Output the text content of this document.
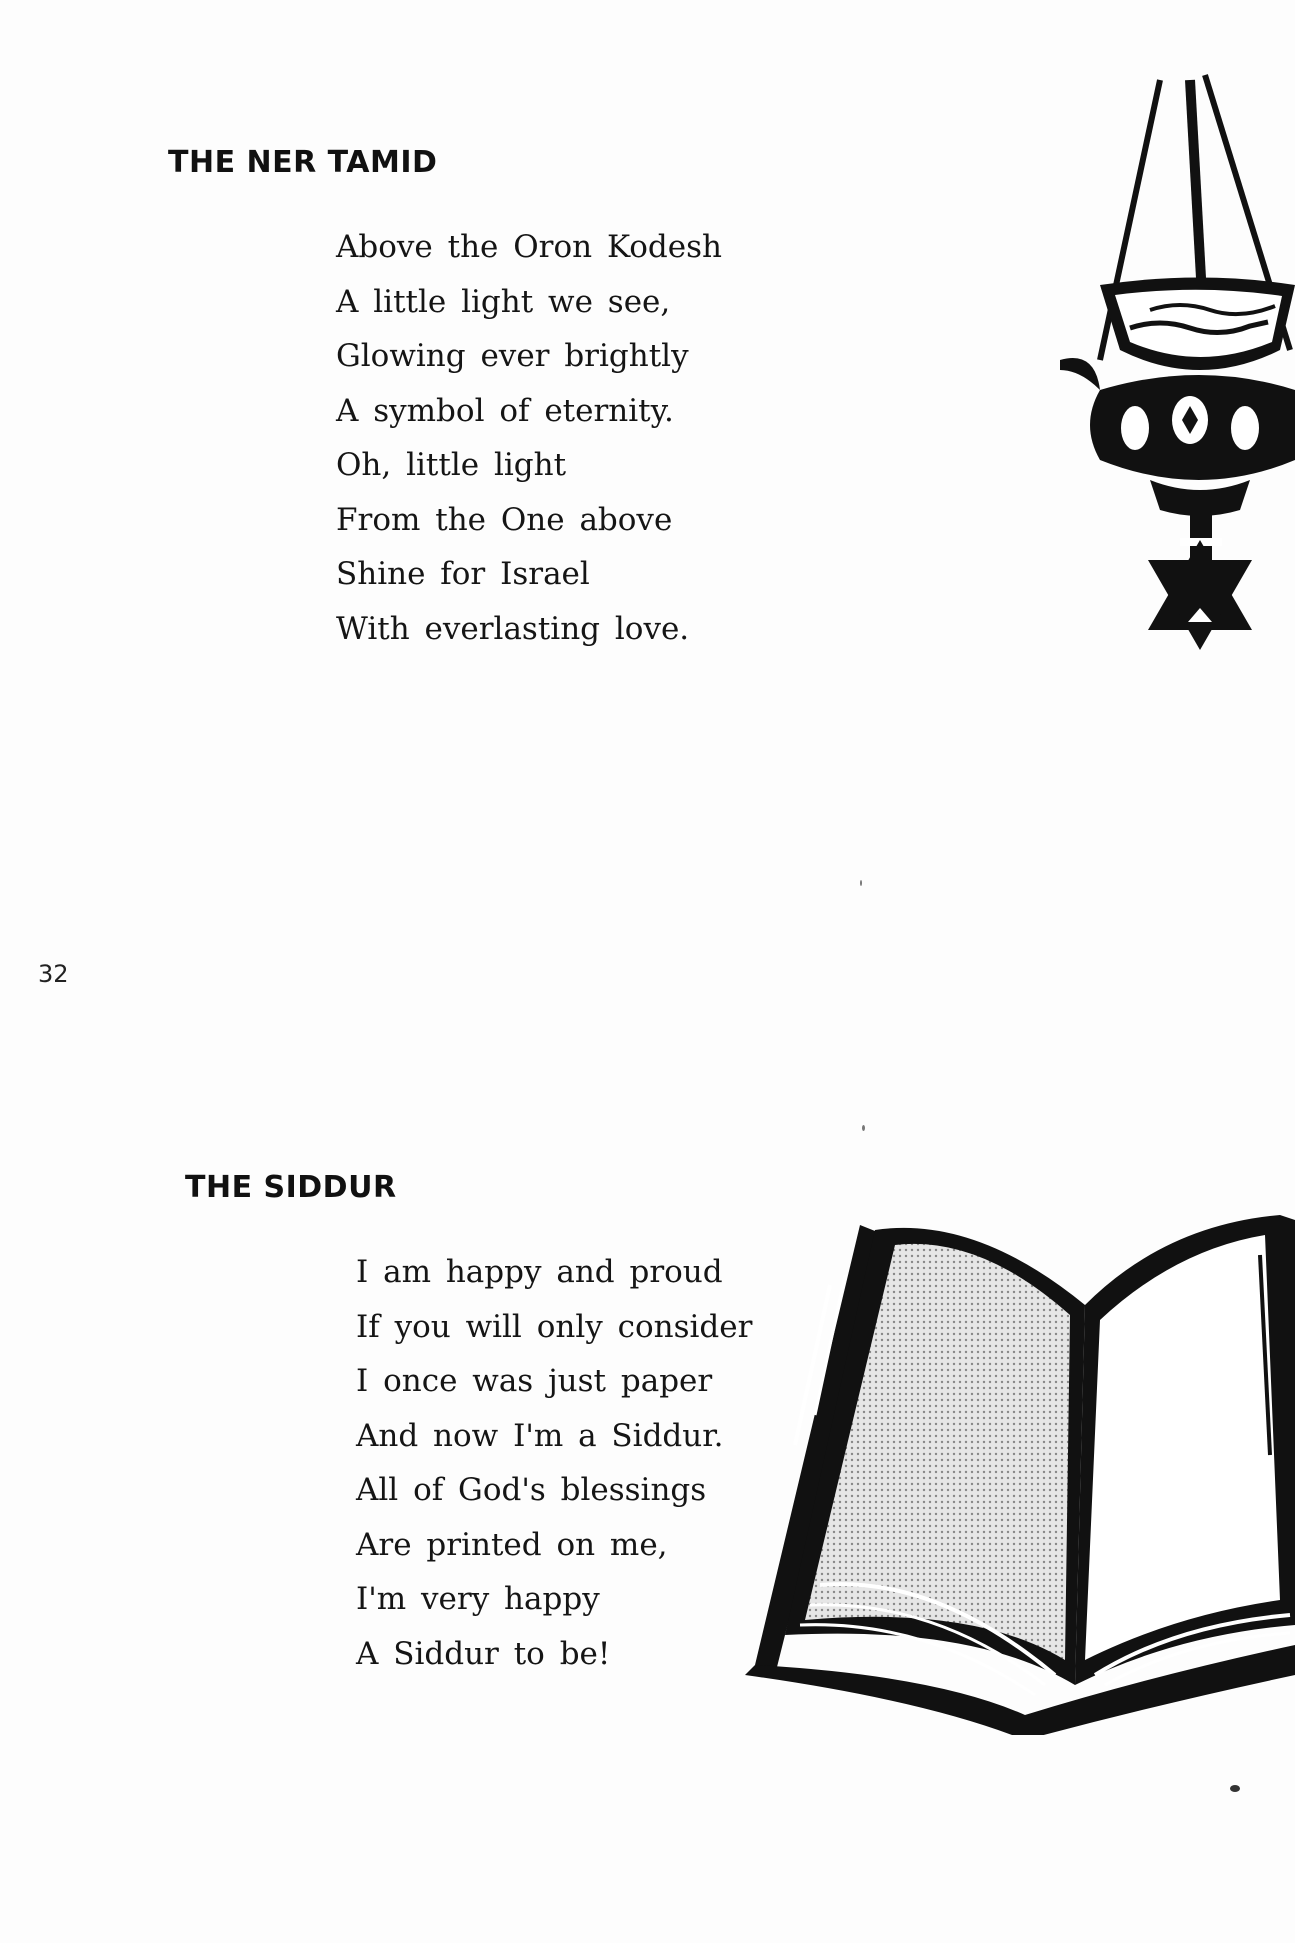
THE NER TAMID
Above the Oron Kodesh
A little light we see,
Glowing ever brightly
A symbol of eternity.
Oh, little light
From the One above
Shine for Israel
With everlasting love.
32
THE SIDDUR
I am happy and proud
If you will only consider
I once was just paper
And now I'm a Siddur.
All of God's blessings
Are printed on me,
I'm very happy
A Siddur to be!
